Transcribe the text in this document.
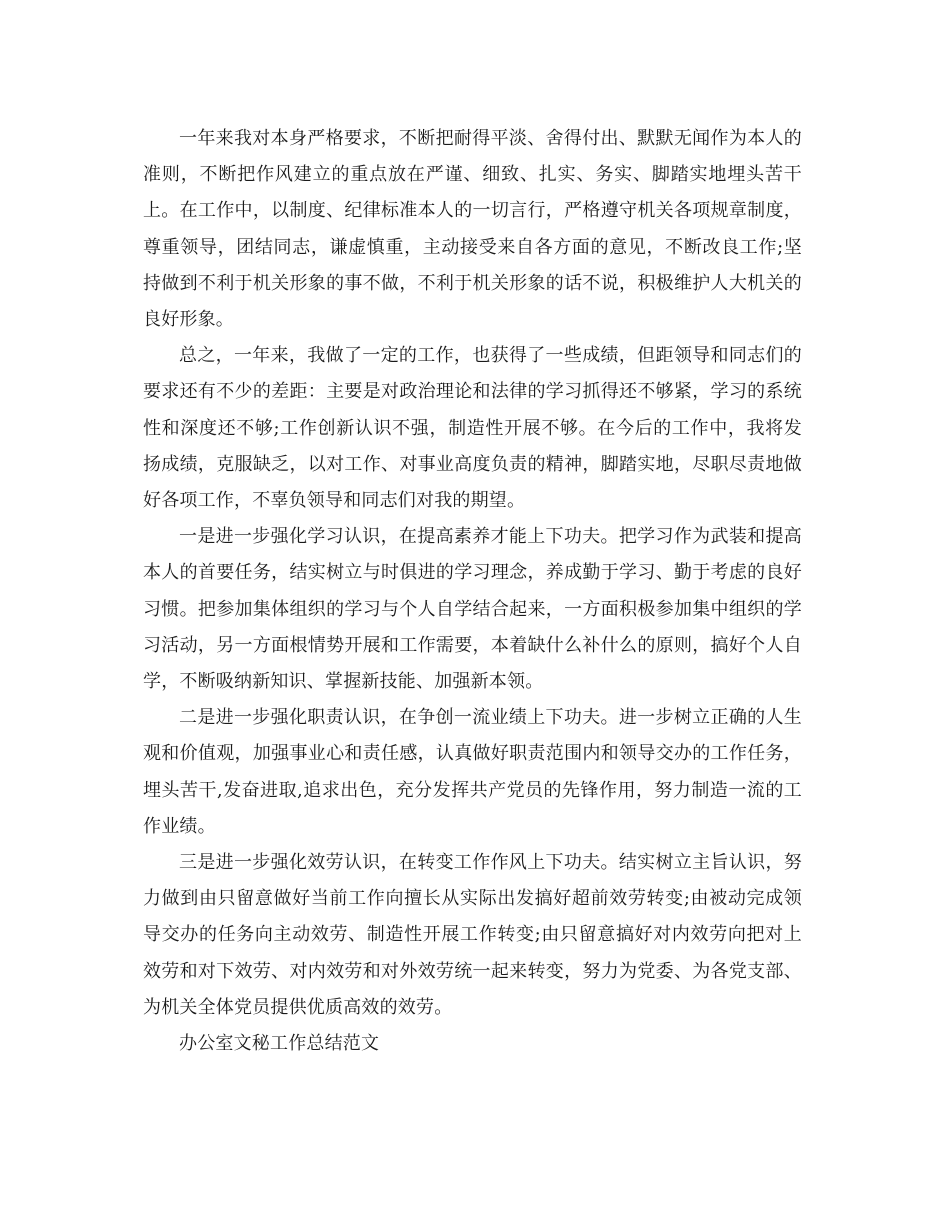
一年来我对本身严格要求，不断把耐得平淡、舍得付出、默默无闻作为本人的准则，不断把作风建立的重点放在严谨、细致、扎实、务实、脚踏实地埋头苦干上。在工作中，以制度、纪律标准本人的一切言行，严格遵守机关各项规章制度，尊重领导，团结同志，谦虚慎重，主动接受来自各方面的意见，不断改良工作;坚持做到不利于机关形象的事不做，不利于机关形象的话不说，积极维护人大机关的良好形象。

总之，一年来，我做了一定的工作，也获得了一些成绩，但距领导和同志们的要求还有不少的差距：主要是对政治理论和法律的学习抓得还不够紧，学习的系统性和深度还不够;工作创新认识不强，制造性开展不够。在今后的工作中，我将发扬成绩，克服缺乏，以对工作、对事业高度负责的精神，脚踏实地，尽职尽责地做好各项工作，不辜负领导和同志们对我的期望。

一是进一步强化学习认识，在提高素养才能上下功夫。把学习作为武装和提高本人的首要任务，结实树立与时俱进的学习理念，养成勤于学习、勤于考虑的良好习惯。把参加集体组织的学习与个人自学结合起来，一方面积极参加集中组织的学习活动，另一方面根情势开展和工作需要，本着缺什么补什么的原则，搞好个人自学，不断吸纳新知识、掌握新技能、加强新本领。

二是进一步强化职责认识，在争创一流业绩上下功夫。进一步树立正确的人生观和价值观，加强事业心和责任感，认真做好职责范围内和领导交办的工作任务，埋头苦干,发奋进取,追求出色，充分发挥共产党员的先锋作用，努力制造一流的工作业绩。

三是进一步强化效劳认识，在转变工作作风上下功夫。结实树立主旨认识，努力做到由只留意做好当前工作向擅长从实际出发搞好超前效劳转变;由被动完成领导交办的任务向主动效劳、制造性开展工作转变;由只留意搞好对内效劳向把对上效劳和对下效劳、对内效劳和对外效劳统一起来转变，努力为党委、为各党支部、为机关全体党员提供优质高效的效劳。

办公室文秘工作总结范文
